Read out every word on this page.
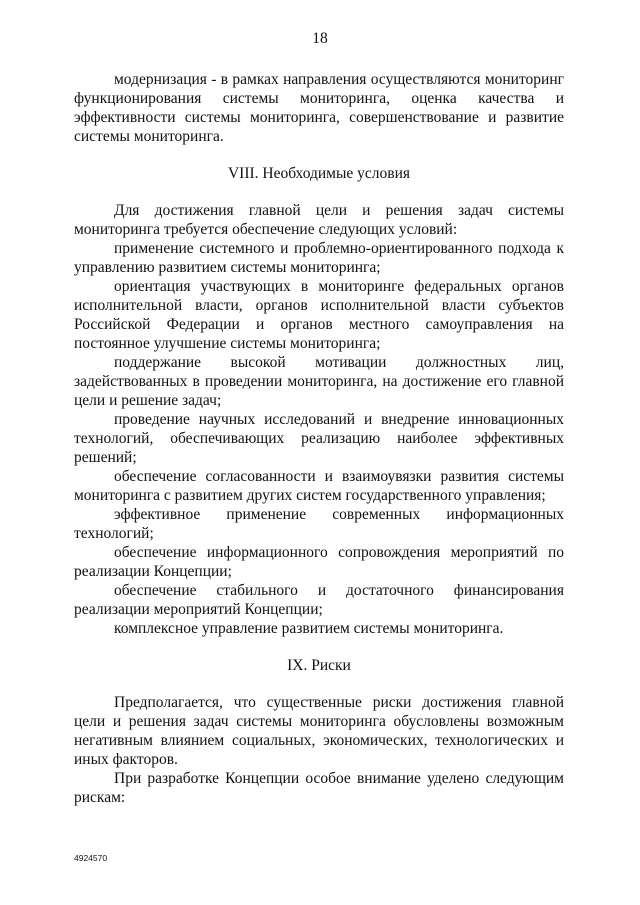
18

модернизация - в рамках направления осуществляются мониторинг функционирования системы мониторинга, оценка качества и эффективности системы мониторинга, совершенствование и развитие системы мониторинга.

VIII. Необходимые условия

Для достижения главной цели и решения задач системы мониторинга требуется обеспечение следующих условий:

применение системного и проблемно-ориентированного подхода к управлению развитием системы мониторинга;

ориентация участвующих в мониторинге федеральных органов исполнительной власти, органов исполнительной власти субъектов Российской Федерации и органов местного самоуправления на постоянное улучшение системы мониторинга;

поддержание высокой мотивации должностных лиц, задействованных в проведении мониторинга, на достижение его главной цели и решение задач;

проведение научных исследований и внедрение инновационных технологий, обеспечивающих реализацию наиболее эффективных решений;

обеспечение согласованности и взаимоувязки развития системы мониторинга с развитием других систем государственного управления;

эффективное применение современных информационных технологий;

обеспечение информационного сопровождения мероприятий по реализации Концепции;

обеспечение стабильного и достаточного финансирования реализации мероприятий Концепции;

комплексное управление развитием системы мониторинга.

IX. Риски

Предполагается, что существенные риски достижения главной цели и решения задач системы мониторинга обусловлены возможным негативным влиянием социальных, экономических, технологических и иных факторов.

При разработке Концепции особое внимание уделено следующим рискам:

4924570
